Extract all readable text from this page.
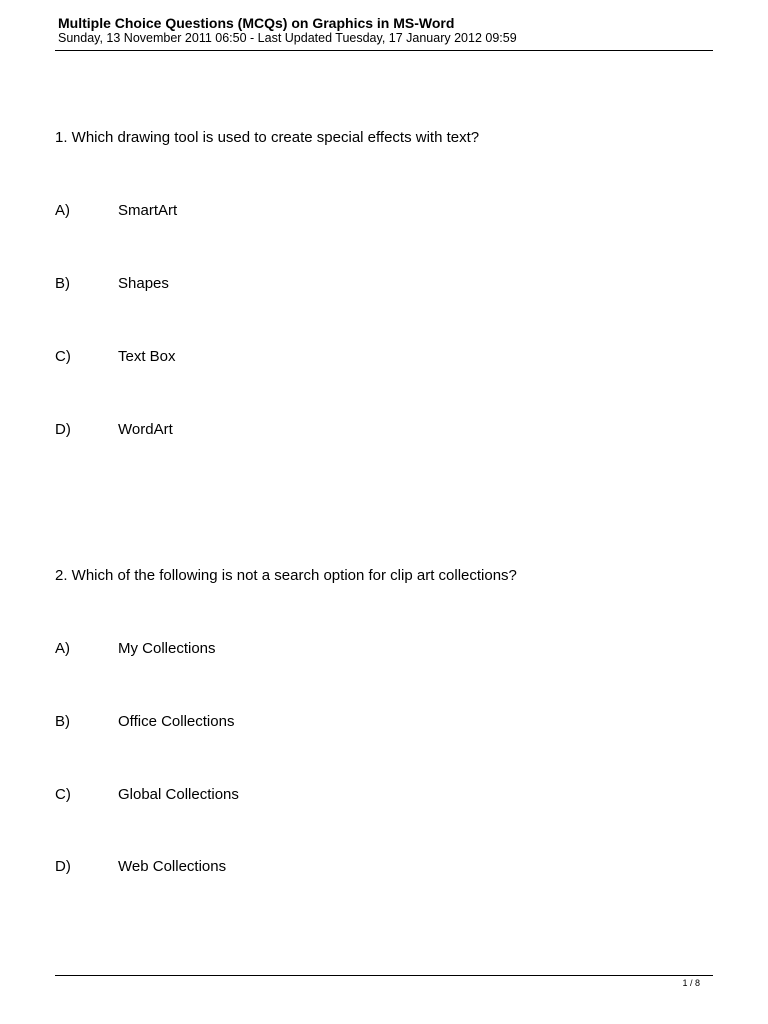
Multiple Choice Questions (MCQs) on Graphics in MS-Word
Sunday, 13 November 2011 06:50 - Last Updated Tuesday, 17 January 2012 09:59
1. Which drawing tool is used to create special effects with text?
A)	SmartArt
B)	Shapes
C)	Text Box
D)	WordArt
2. Which of the following is not a search option for clip art collections?
A)	My Collections
B)	Office Collections
C)	Global Collections
D)	Web Collections
1 / 8
